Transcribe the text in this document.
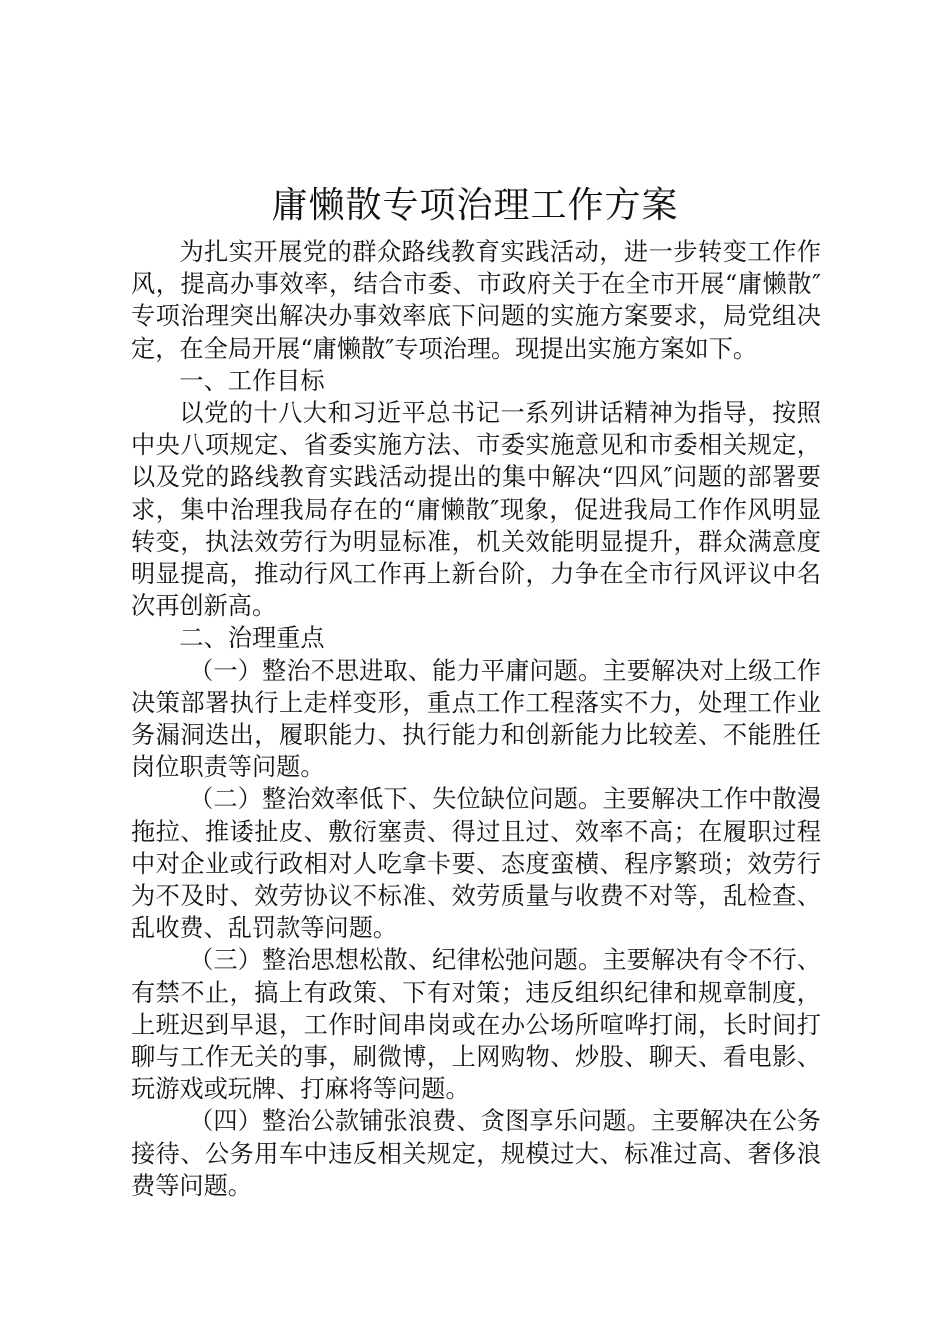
庸懒散专项治理工作方案

为扎实开展党的群众路线教育实践活动，进一步转变工作作风，提高办事效率，结合市委、市政府关于在全市开展“庸懒散″专项治理突出解决办事效率底下问题的实施方案要求，局党组决定，在全局开展“庸懒散″专项治理。现提出实施方案如下。

一、工作目标

以党的十八大和习近平总书记一系列讲话精神为指导，按照中央八项规定、省委实施方法、市委实施意见和市委相关规定，以及党的路线教育实践活动提出的集中解决“四风″问题的部署要求，集中治理我局存在的“庸懒散″现象，促进我局工作作风明显转变，执法效劳行为明显标准，机关效能明显提升，群众满意度明显提高，推动行风工作再上新台阶，力争在全市行风评议中名次再创新高。

二、治理重点

（一）整治不思进取、能力平庸问题。主要解决对上级工作决策部署执行上走样变形，重点工作工程落实不力，处理工作业务漏洞迭出，履职能力、执行能力和创新能力比较差、不能胜任岗位职责等问题。

（二）整治效率低下、失位缺位问题。主要解决工作中散漫拖拉、推诿扯皮、敷衍塞责、得过且过、效率不高；在履职过程中对企业或行政相对人吃拿卡要、态度蛮横、程序繁琐；效劳行为不及时、效劳协议不标准、效劳质量与收费不对等，乱检查、乱收费、乱罚款等问题。

（三）整治思想松散、纪律松弛问题。主要解决有令不行、有禁不止，搞上有政策、下有对策；违反组织纪律和规章制度，上班迟到早退，工作时间串岗或在办公场所喧哗打闹，长时间打　聊与工作无关的事，刷微博，上网购物、炒股、聊天、看电影、玩游戏或玩牌、打麻将等问题。

（四）整治公款铺张浪费、贪图享乐问题。主要解决在公务接待、公务用车中违反相关规定，规模过大、标准过高、奢侈浪费等问题。
